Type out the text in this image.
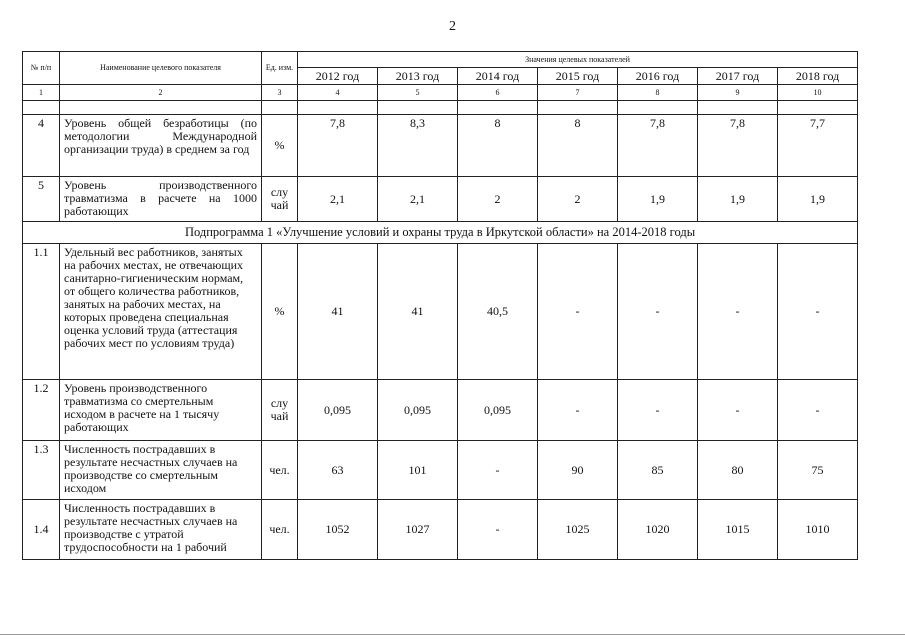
2
№ п/п	Наименование целевого показателя	Ед. изм.	Значения целевых показателей						
			2012 год	2013 год	2014 год	2015 год	2016 год	2017 год	2018 год
1	2	3	4	5	6	7	8	9	10

4	Уровень общей безработицы (по методологии Международной организации труда) в среднем за год	%	7,8	8,3	8	8	7,8	7,8	7,7
5	Уровень производственного травматизма в расчете на 1000 работающих	слу чай	2,1	2,1	2	2	1,9	1,9	1,9
Подпрограмма 1 «Улучшение условий и охраны труда в Иркутской области» на 2014-2018 годы									
1.1	Удельный вес работников, занятых на рабочих местах, не отвечающих санитарно-гигиеническим нормам, от общего количества работников, занятых на рабочих местах, на которых проведена специальная оценка условий труда (аттестация рабочих мест по условиям труда)	%	41	41	40,5	-	-	-	-
1.2	Уровень производственного травматизма со смертельным исходом в расчете на 1 тысячу работающих	слу чай	0,095	0,095	0,095	-	-	-	-
1.3	Численность пострадавших в результате несчастных случаев на производстве со смертельным исходом	чел.	63	101	-	90	85	80	75
1.4	Численность пострадавших в результате несчастных случаев на производстве с утратой трудоспособности на 1 рабочий	чел.	1052	1027	-	1025	1020	1015	1010
